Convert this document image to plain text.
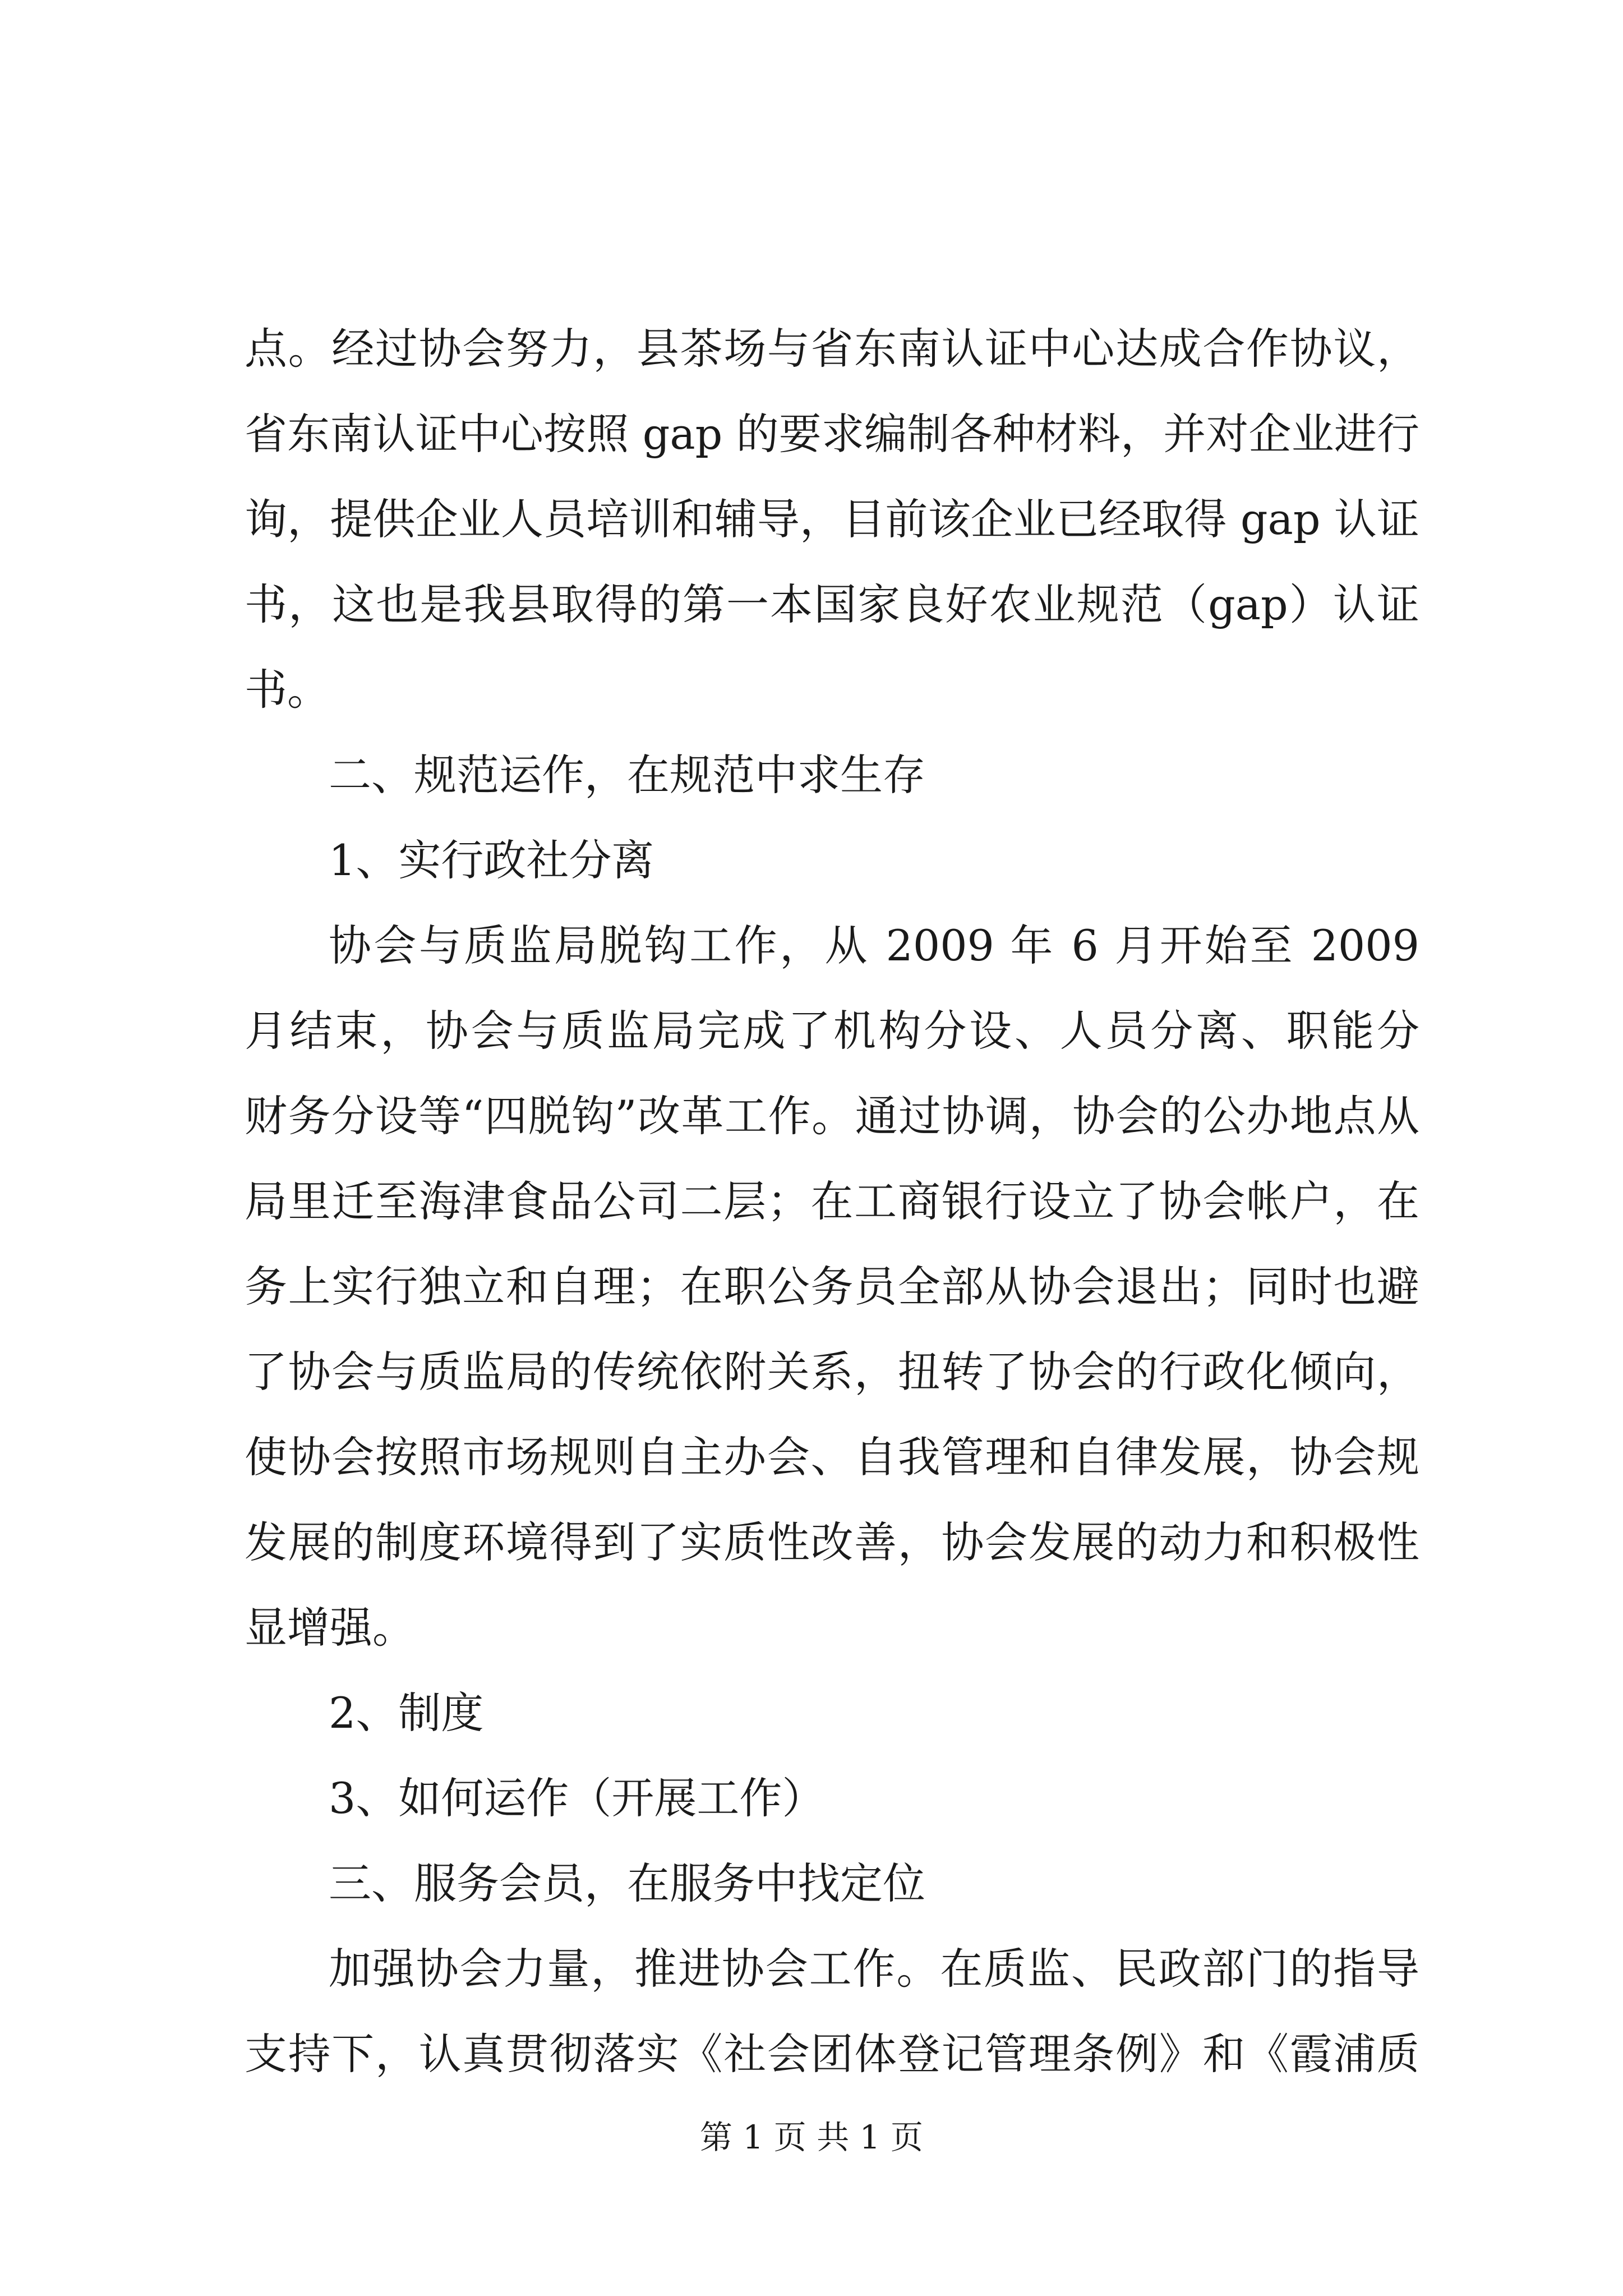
点。经过协会努力，县茶场与省东南认证中心达成合作协议，
省东南认证中心按照 gap 的要求编制各种材料，并对企业进行
询，提供企业人员培训和辅导，目前该企业已经取得 gap 认证
书，这也是我县取得的第一本国家良好农业规范（gap）认证
书。
二、规范运作，在规范中求生存
1、实行政社分离
协会与质监局脱钩工作，从 2009 年 6 月开始至 2009
月结束，协会与质监局完成了机构分设、人员分离、职能分
财务分设等“四脱钩”改革工作。通过协调，协会的公办地点从
局里迁至海津食品公司二层；在工商银行设立了协会帐户，在
务上实行独立和自理；在职公务员全部从协会退出；同时也避
了协会与质监局的传统依附关系，扭转了协会的行政化倾向，
使协会按照市场规则自主办会、自我管理和自律发展，协会规
发展的制度环境得到了实质性改善，协会发展的动力和积极性
显增强。
2、制度
3、如何运作（开展工作）
三、服务会员，在服务中找定位
加强协会力量，推进协会工作。在质监、民政部门的指导
支持下，认真贯彻落实《社会团体登记管理条例》和《霞浦质
第 1 页 共 1 页
